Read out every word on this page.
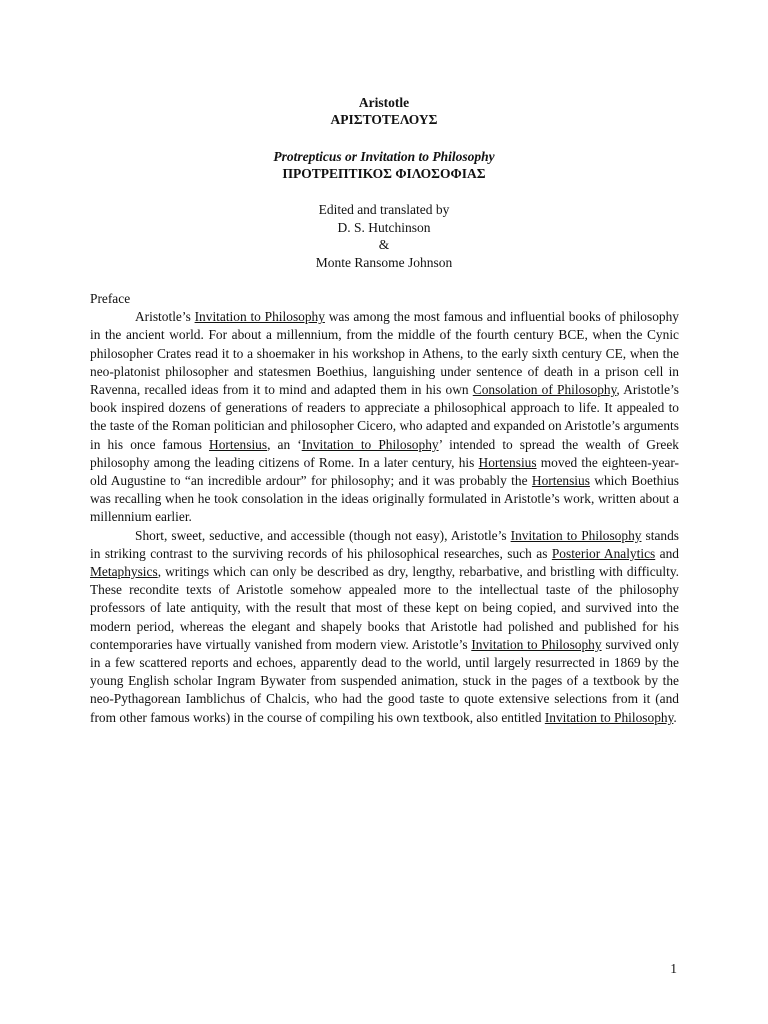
Aristotle
ΑΡΙΣΤΟΤΕΛΟΥΣ
Protrepticus or Invitation to Philosophy
ΠΡΟΤΡΕΠΤΙΚΟΣ ΦΙΛΟΣΟΦΙΑΣ
Edited and translated by
D. S. Hutchinson
&
Monte Ransome Johnson
Preface

Aristotle’s Invitation to Philosophy was among the most famous and influential books of philosophy in the ancient world. For about a millennium, from the middle of the fourth century BCE, when the Cynic philosopher Crates read it to a shoemaker in his workshop in Athens, to the early sixth century CE, when the neo-platonist philosopher and statesmen Boethius, languishing under sentence of death in a prison cell in Ravenna, recalled ideas from it to mind and adapted them in his own Consolation of Philosophy, Aristotle’s book inspired dozens of generations of readers to appreciate a philosophical approach to life. It appealed to the taste of the Roman politician and philosopher Cicero, who adapted and expanded on Aristotle’s arguments in his once famous Hortensius, an ‘Invitation to Philosophy’ intended to spread the wealth of Greek philosophy among the leading citizens of Rome. In a later century, his Hortensius moved the eighteen-year-old Augustine to “an incredible ardour” for philosophy; and it was probably the Hortensius which Boethius was recalling when he took consolation in the ideas originally formulated in Aristotle’s work, written about a millennium earlier.

Short, sweet, seductive, and accessible (though not easy), Aristotle’s Invitation to Philosophy stands in striking contrast to the surviving records of his philosophical researches, such as Posterior Analytics and Metaphysics, writings which can only be described as dry, lengthy, rebarbative, and bristling with difficulty. These recondite texts of Aristotle somehow appealed more to the intellectual taste of the philosophy professors of late antiquity, with the result that most of these kept on being copied, and survived into the modern period, whereas the elegant and shapely books that Aristotle had polished and published for his contemporaries have virtually vanished from modern view. Aristotle’s Invitation to Philosophy survived only in a few scattered reports and echoes, apparently dead to the world, until largely resurrected in 1869 by the young English scholar Ingram Bywater from suspended animation, stuck in the pages of a textbook by the neo-Pythagorean Iamblichus of Chalcis, who had the good taste to quote extensive selections from it (and from other famous works) in the course of compiling his own textbook, also entitled Invitation to Philosophy.

1
